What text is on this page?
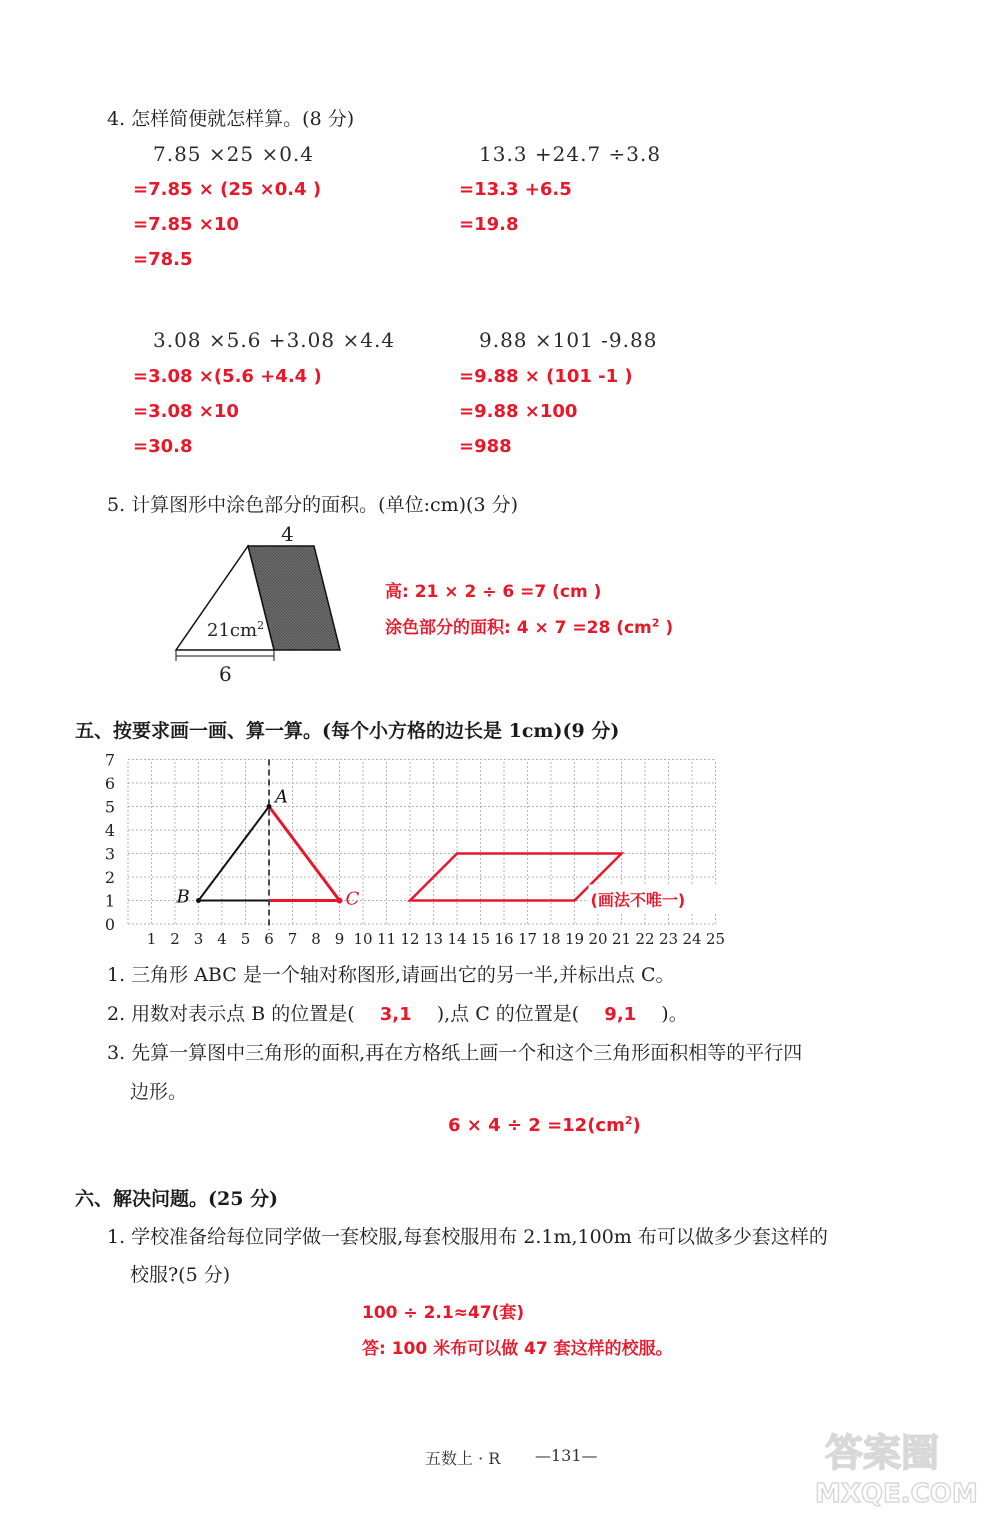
4. 怎样简便就怎样算。(8 分)
7.85 ×25 ×0.4
=7.85 × (25 ×0.4 )
=7.85 ×10
=78.5
13.3 +24.7 ÷3.8
=13.3 +6.5
=19.8
3.08 ×5.6 +3.08 ×4.4
=3.08 ×(5.6 +4.4 )
=3.08 ×10
=30.8
9.88 ×101 -9.88
=9.88 × (101 -1 )
=9.88 ×100
=988
5. 计算图形中涂色部分的面积。(单位:cm)(3 分)
4
$21cm^2$
6
高: 21 × 2 ÷ 6 =7 (cm )
涂色部分的面积: 4 × 7 =28 ($cm^2$ )
五、按要求画一画、算一算。(每个小方格的边长是 1cm)(9 分)
7
6
5
4
3
2
1
0
1 2 3 4 5 6 7 8 9 10 11 12 13 14 15 16 17 18 19 20 21 22 23 24 25
A
B	C	(画法不唯一)
1. 三角形 ABC 是一个轴对称图形,请画出它的另一半,并标出点 C。
2. 用数对表示点 B 的位置是( 3,1 ),点 C 的位置是( 9,1 )。
3. 先算一算图中三角形的面积,再在方格纸上画一个和这个三角形面积相等的平行四
边形。
$6 \times 4 \div 2 =12(cm^2)$
六、解决问题。(25 分)
1. 学校准备给每位同学做一套校服,每套校服用布 2.1m,100m 布可以做多少套这样的
校服?(5 分)
100 ÷ 2.1≈47(套)
答: 100 米布可以做 47 套这样的校服。
五数上 · R —131—	答案圈
MXQE.COM
